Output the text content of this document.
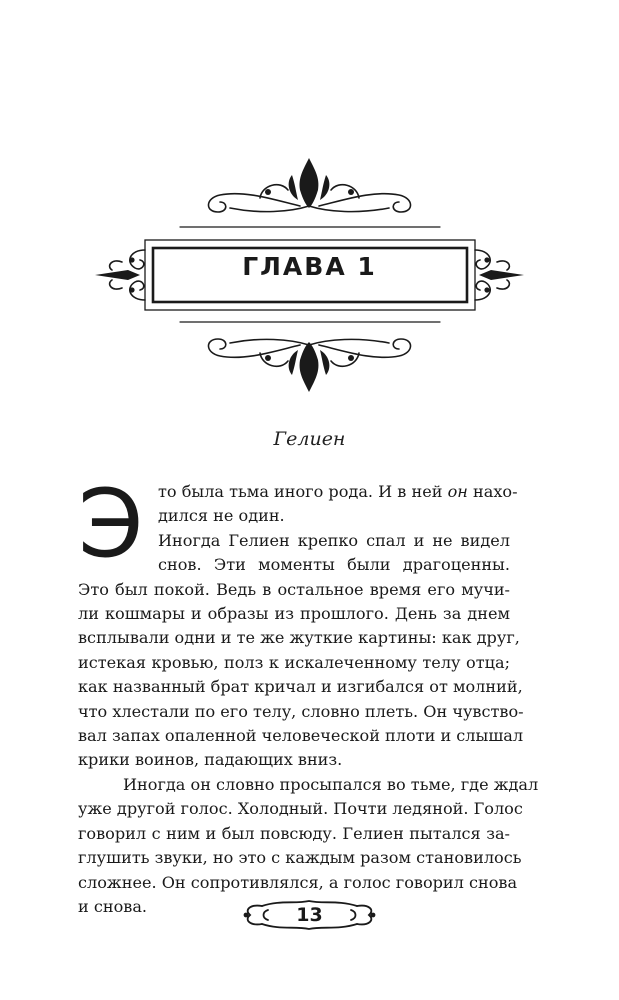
ГЛАВА 1
Гелиен
Э то была тьма иного рода. И в ней он нахо-
дился не один.
Иногда Гелиен крепко спал и не видел
снов. Эти моменты были драгоценны.
Это был покой. Ведь в остальное время его мучи-
ли кошмары и образы из прошлого. День за днем
всплывали одни и те же жуткие картины: как друг,
истекая кровью, полз к искалеченному телу отца;
как названный брат кричал и изгибался от молний,
что хлестали по его телу, словно плеть. Он чувство-
вал запах опаленной человеческой плоти и слышал
крики воинов, падающих вниз.
Иногда он словно просыпался во тьме, где ждал
уже другой голос. Холодный. Почти ледяной. Голос
говорил с ним и был повсюду. Гелиен пытался за-
глушить звуки, но это с каждым разом становилось
сложнее. Он сопротивлялся, а голос говорил снова
и снова.	13
